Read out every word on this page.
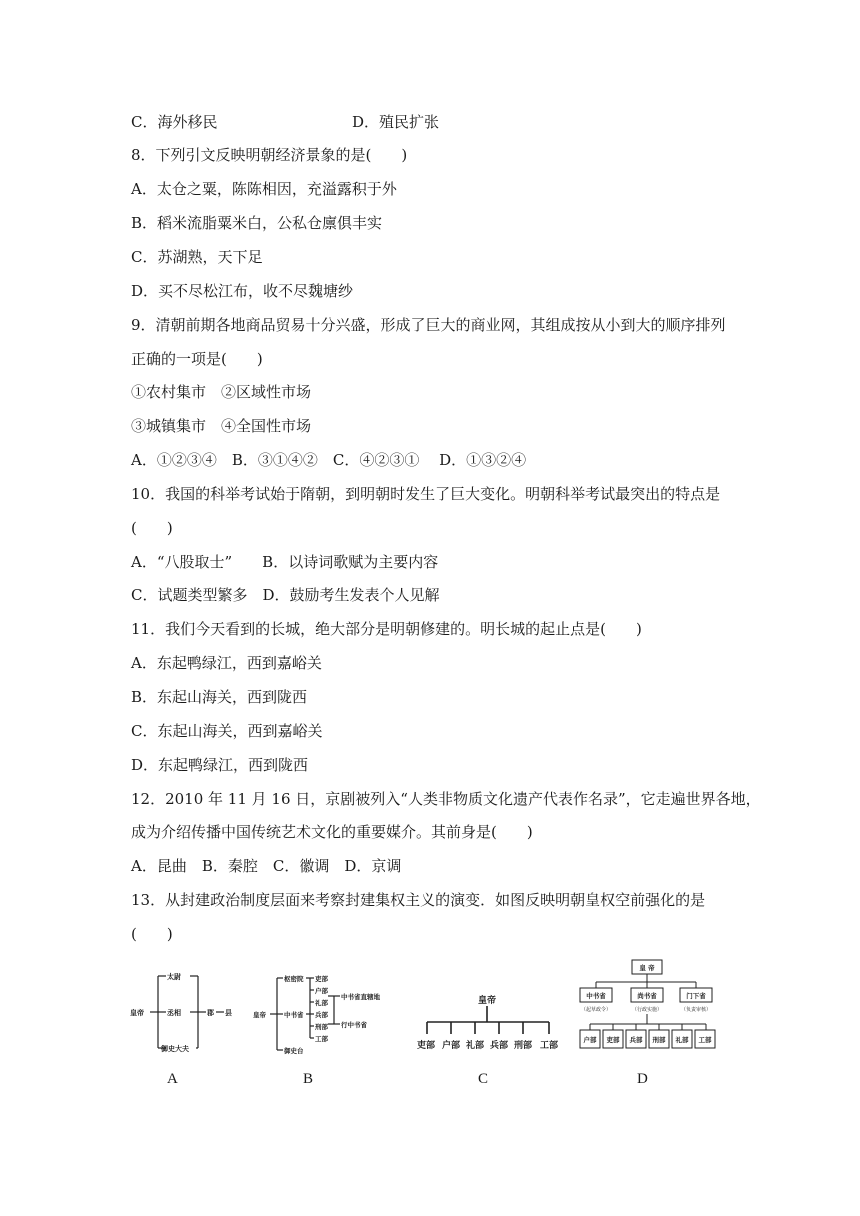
C．海外移民	D．殖民扩张
8．下列引文反映明朝经济景象的是(　　)
A．太仓之粟，陈陈相因，充溢露积于外
B．稻米流脂粟米白，公私仓廪俱丰实
C．苏湖熟，天下足
D．买不尽松江布，收不尽魏塘纱
9．清朝前期各地商品贸易十分兴盛，形成了巨大的商业网，其组成按从小到大的顺序排列
正确的一项是(　　)
①农村集市　②区域性市场
③城镇集市　④全国性市场
A．①②③④　B．③①④②　C．④②③①　 D．①③②④
10．我国的科举考试始于隋朝，到明朝时发生了巨大变化。明朝科举考试最突出的特点是
(　　)
A．“八股取士”　　B．以诗词歌赋为主要内容
C．试题类型繁多　D．鼓励考生发表个人见解
11．我们今天看到的长城，绝大部分是明朝修建的。明长城的起止点是(　　)
A．东起鸭绿江，西到嘉峪关
B．东起山海关，西到陇西
C．东起山海关，西到嘉峪关
D．东起鸭绿江，西到陇西
12．2010 年 11 月 16 日，京剧被列入“人类非物质文化遗产代表作名录”，它走遍世界各地，
成为介绍传播中国传统艺术文化的重要媒介。其前身是(　　)
A．昆曲　B．秦腔　C．徽调　D．京调
13．从封建政治制度层面来考察封建集权主义的演变．如图反映明朝皇权空前强化的是
(　　)
皇帝
太尉
丞相
御史大夫
郡 县	皇帝
枢密院
中书省
御史台
吏部
户部
礼部
兵部
刑部
工部
中书省直辖地
行中书省
皇帝
吏部 户部 礼部 兵部 刑部 工部
皇 帝
中书省	尚书省	门下省
（起草政令）	（行政实施）	（负责审核）
户部 吏部 兵部 刑部 礼部 工部
A	B	C	D
